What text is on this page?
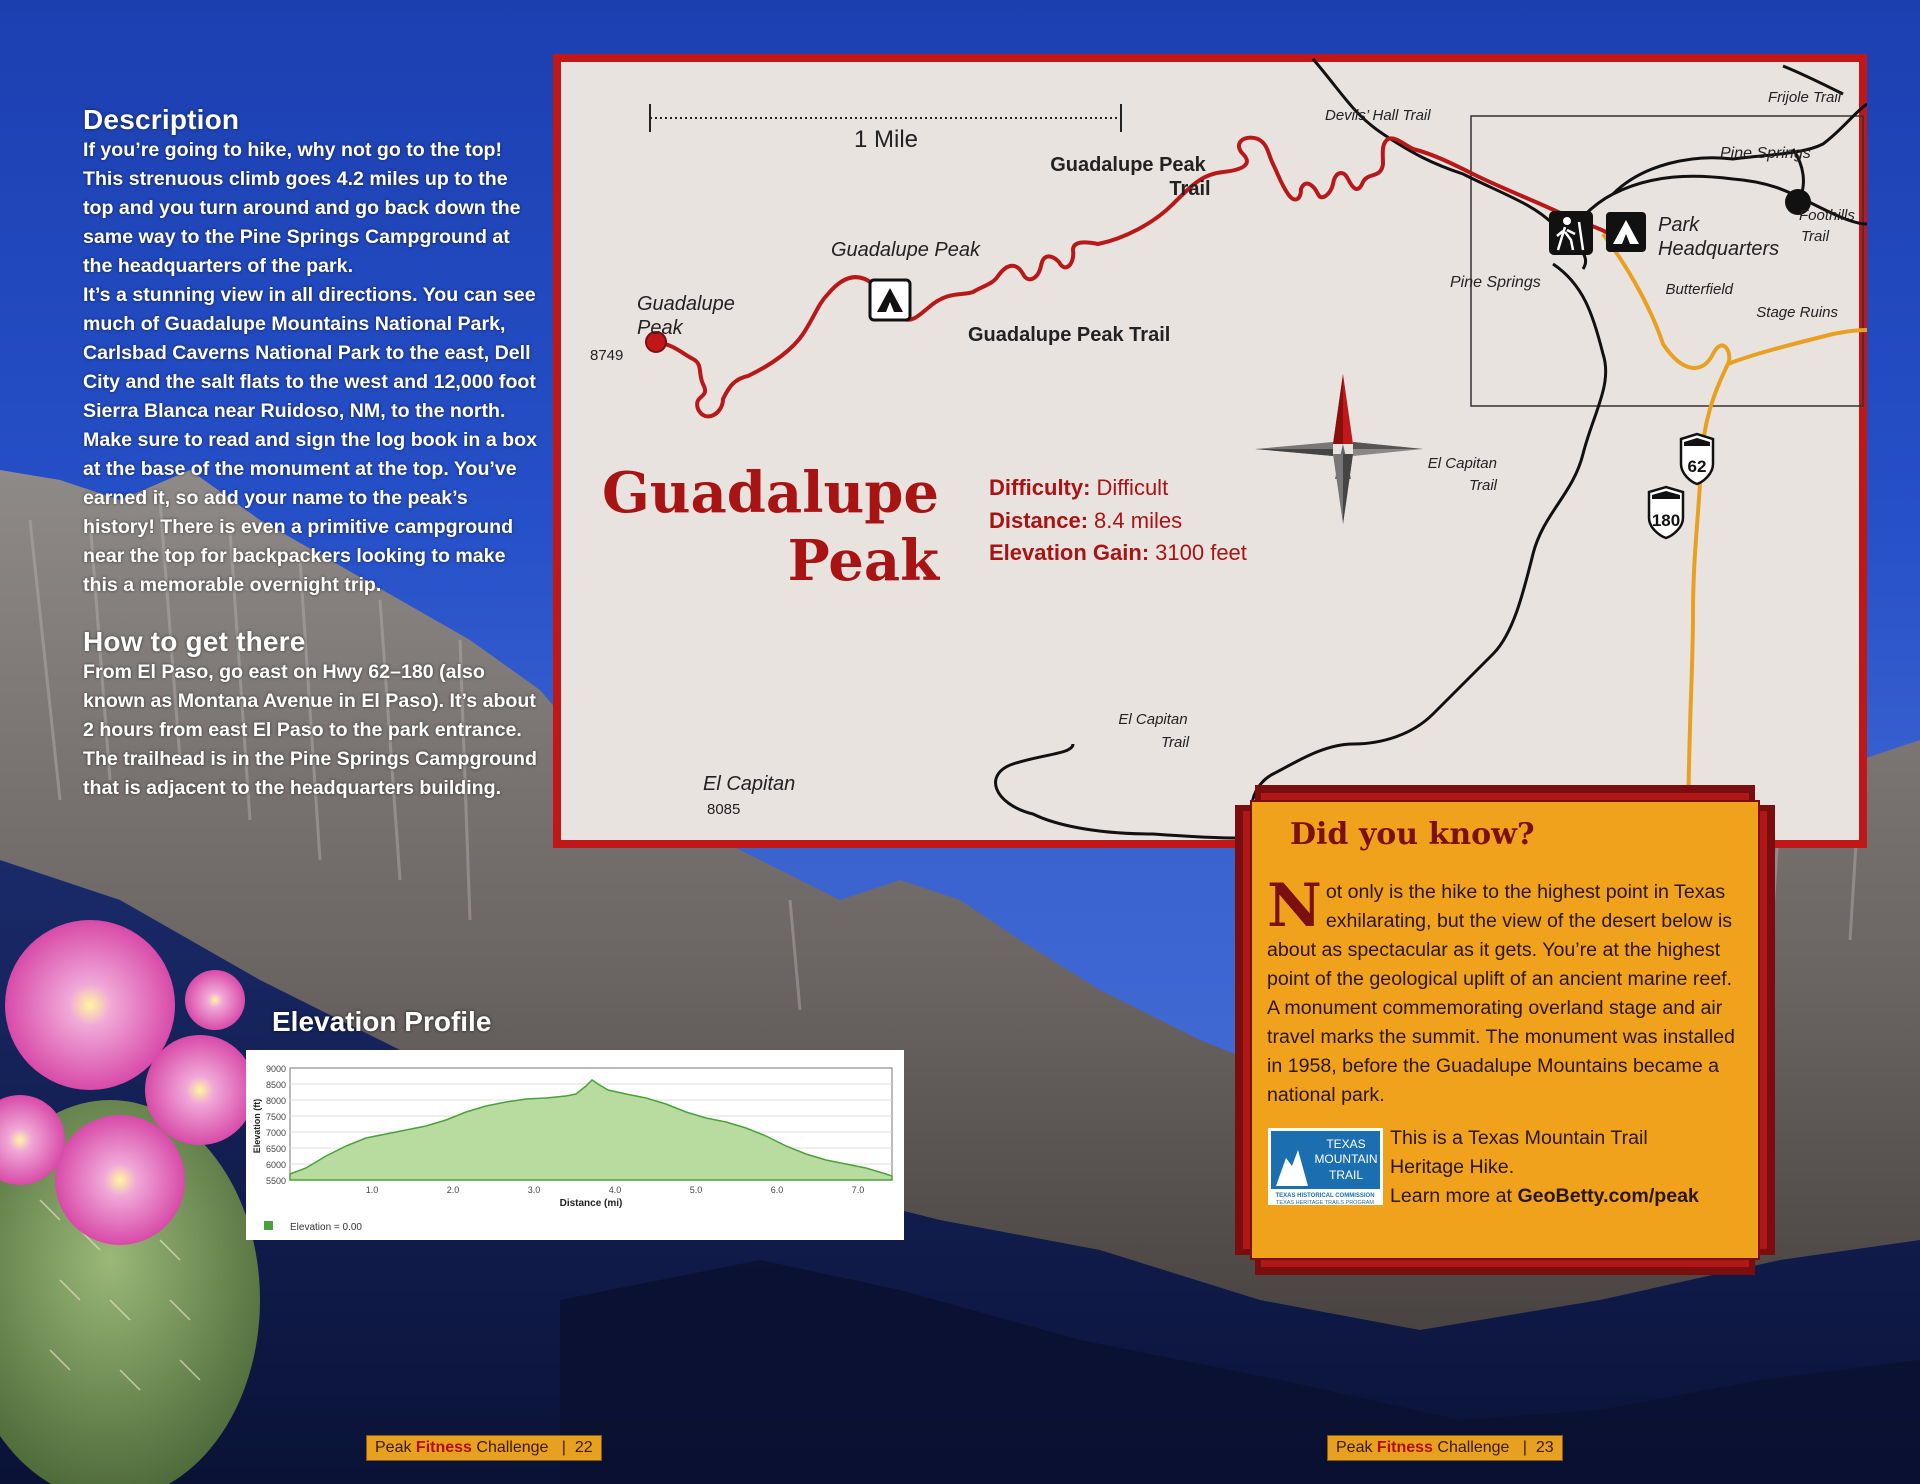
Description

If you’re going to hike, why not go to the top! This strenuous climb goes 4.2 miles up to the top and you turn around and go back down the same way to the Pine Springs Campground at the headquarters of the park.

It’s a stunning view in all directions. You can see much of Guadalupe Mountains National Park, Carlsbad Caverns National Park to the east, Dell City and the salt flats to the west and 12,000 foot Sierra Blanca near Ruidoso, NM, to the north. Make sure to read and sign the log book in a box at the base of the monument at the top. You’ve earned it, so add your name to the peak’s history! There is even a primitive campground near the top for backpackers looking to make this a memorable overnight trip.

How to get there

From El Paso, go east on Hwy 62–180 (also known as Montana Avenue in El Paso). It’s about 2 hours from east El Paso to the park entrance. The trailhead is in the Pine Springs Campground that is adjacent to the headquarters building.

1 Mile
62
180
Devils’ Hall Trail
Frijole Trail
Pine Springs
Park
Headquarters
Foothills
Trail
Butterfield
Stage Ruins
Pine Springs
Guadalupe Peak
Trail
Guadalupe Peak Trail
Guadalupe Peak
Guadalupe
Peak
8749
El Capitan
Trail
El Capitan
Trail
El Capitan
8085
Guadalupe
Peak
Difficulty: Difficult
Distance: 8.4 miles
Elevation Gain: 3100 feet
Elevation Profile
9000
8500
8000
7500
7000
6500
6000
5500
1.0	2.0	3.0	4.0	5.0	6.0	7.0
Distance (mi)
Elevation (ft)
Elevation = 0.00
Did you know?
Not only is the hike to the highest point in Texas exhilarating, but the view of the desert below is about as spectacular as it gets. You’re at the highest point of the geological uplift of an ancient marine reef. A monument commemorating overland stage and air travel marks the summit. The monument was installed in 1958, before the Guadalupe Mountains became a national park.
TEXAS
MOUNTAIN
TRAIL
TEXAS HISTORICAL COMMISSION
TEXAS HERITAGE TRAILS PROGRAM
This is a Texas Mountain Trail
Heritage Hike.
Learn more at GeoBetty.com/peak
Peak Fitness Challenge | 22	Peak Fitness Challenge | 23
